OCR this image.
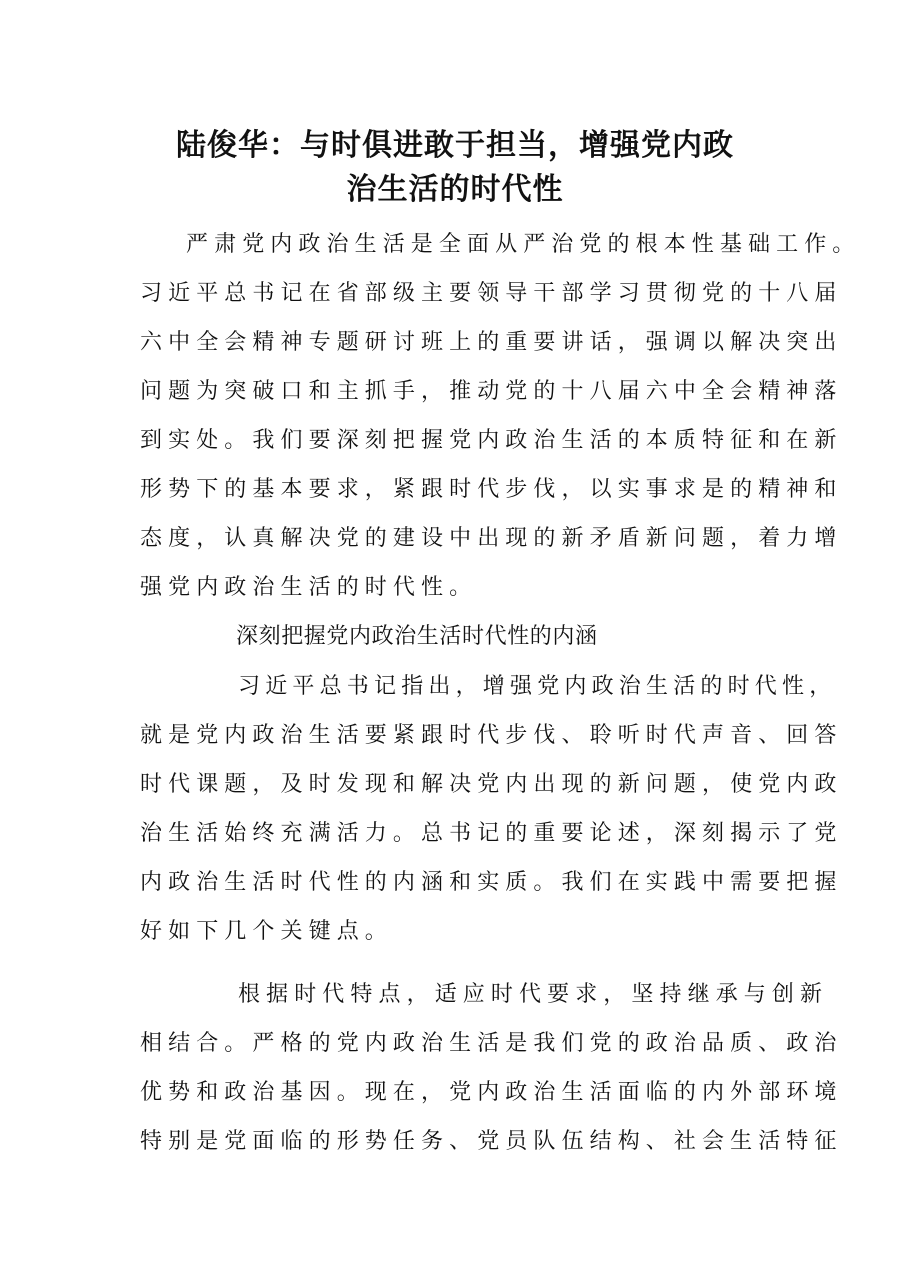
陆俊华：与时俱进敢于担当，增强党内政
治生活的时代性
严肃党内政治生活是全面从严治党的根本性基础工作。
习近平总书记在省部级主要领导干部学习贯彻党的十八届
六中全会精神专题研讨班上的重要讲话，强调以解决突出
问题为突破口和主抓手，推动党的十八届六中全会精神落
到实处。我们要深刻把握党内政治生活的本质特征和在新
形势下的基本要求，紧跟时代步伐，以实事求是的精神和
态度，认真解决党的建设中出现的新矛盾新问题，着力增
强党内政治生活的时代性。
深刻把握党内政治生活时代性的内涵
习近平总书记指出，增强党内政治生活的时代性，
就是党内政治生活要紧跟时代步伐、聆听时代声音、回答
时代课题，及时发现和解决党内出现的新问题，使党内政
治生活始终充满活力。总书记的重要论述，深刻揭示了党
内政治生活时代性的内涵和实质。我们在实践中需要把握
好如下几个关键点。
根据时代特点，适应时代要求，坚持继承与创新
相结合。严格的党内政治生活是我们党的政治品质、政治
优势和政治基因。现在，党内政治生活面临的内外部环境
特别是党面临的形势任务、党员队伍结构、社会生活特征
